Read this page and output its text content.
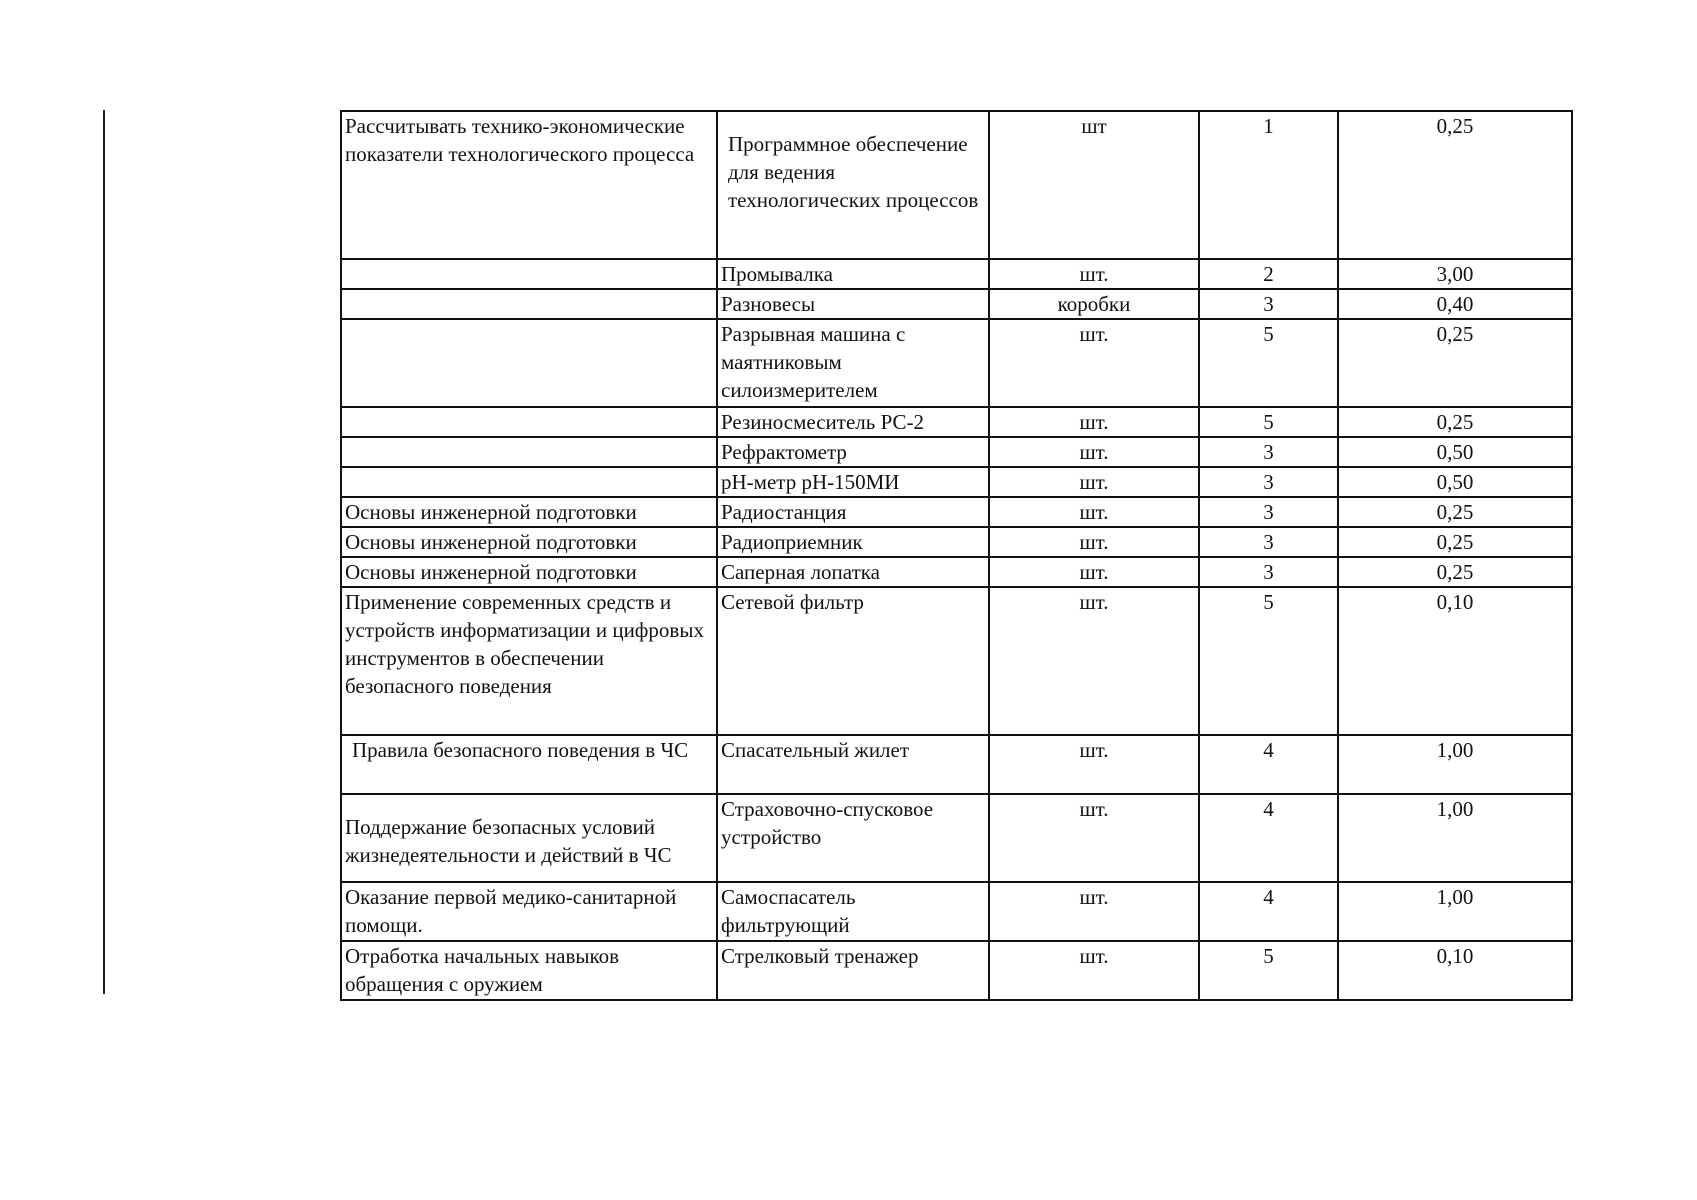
Рассчитывать технико-экономические показатели технологического процесса	Программное обеспечение для ведения технологических процессов	шт	1	0,25
	Промывалка	шт.	2	3,00
	Разновесы	коробки	3	0,40
	Разрывная машина с маятниковым силоизмерителем	шт.	5	0,25
	Резиносмеситель РС-2	шт.	5	0,25
	Рефрактометр	шт.	3	0,50
	pH-метр pH-150МИ	шт.	3	0,50
Основы инженерной подготовки	Радиостанция	шт.	3	0,25
Основы инженерной подготовки	Радиоприемник	шт.	3	0,25
Основы инженерной подготовки	Саперная лопатка	шт.	3	0,25
Применение современных средств и устройств информатизации и цифровых инструментов в обеспечении безопасного поведения	Сетевой фильтр	шт.	5	0,10
Правила безопасного поведения в ЧС	Спасательный жилет	шт.	4	1,00
Поддержание безопасных условий жизнедеятельности и действий в ЧС	Страховочно-спусковое устройство	шт.	4	1,00
Оказание первой медико-санитарной помощи.	Самоспасатель фильтрующий	шт.	4	1,00
Отработка начальных навыков обращения с оружием	Стрелковый тренажер	шт.	5	0,10
